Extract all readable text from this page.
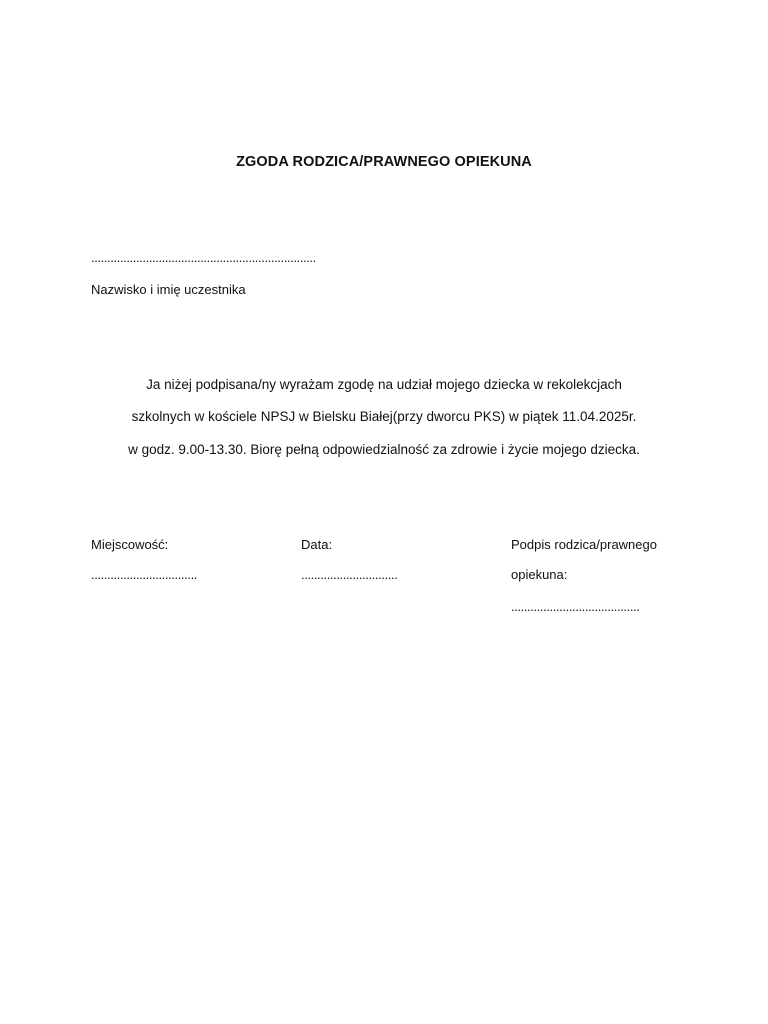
ZGODA RODZICA/PRAWNEGO OPIEKUNA
......................................................................
Nazwisko i imię uczestnika
Ja niżej podpisana/ny wyrażam zgodę na udział mojego dziecka w rekolekcjach
szkolnych w kościele NPSJ w Bielsku Białej(przy dworcu PKS) w piątek 11.04.2025r.
w godz. 9.00-13.30. Biorę pełną odpowiedzialność za zdrowie i życie mojego dziecka.
Miejscowość:
.................................
Data:
..............................
Podpis rodzica/prawnego
opiekuna:
........................................
